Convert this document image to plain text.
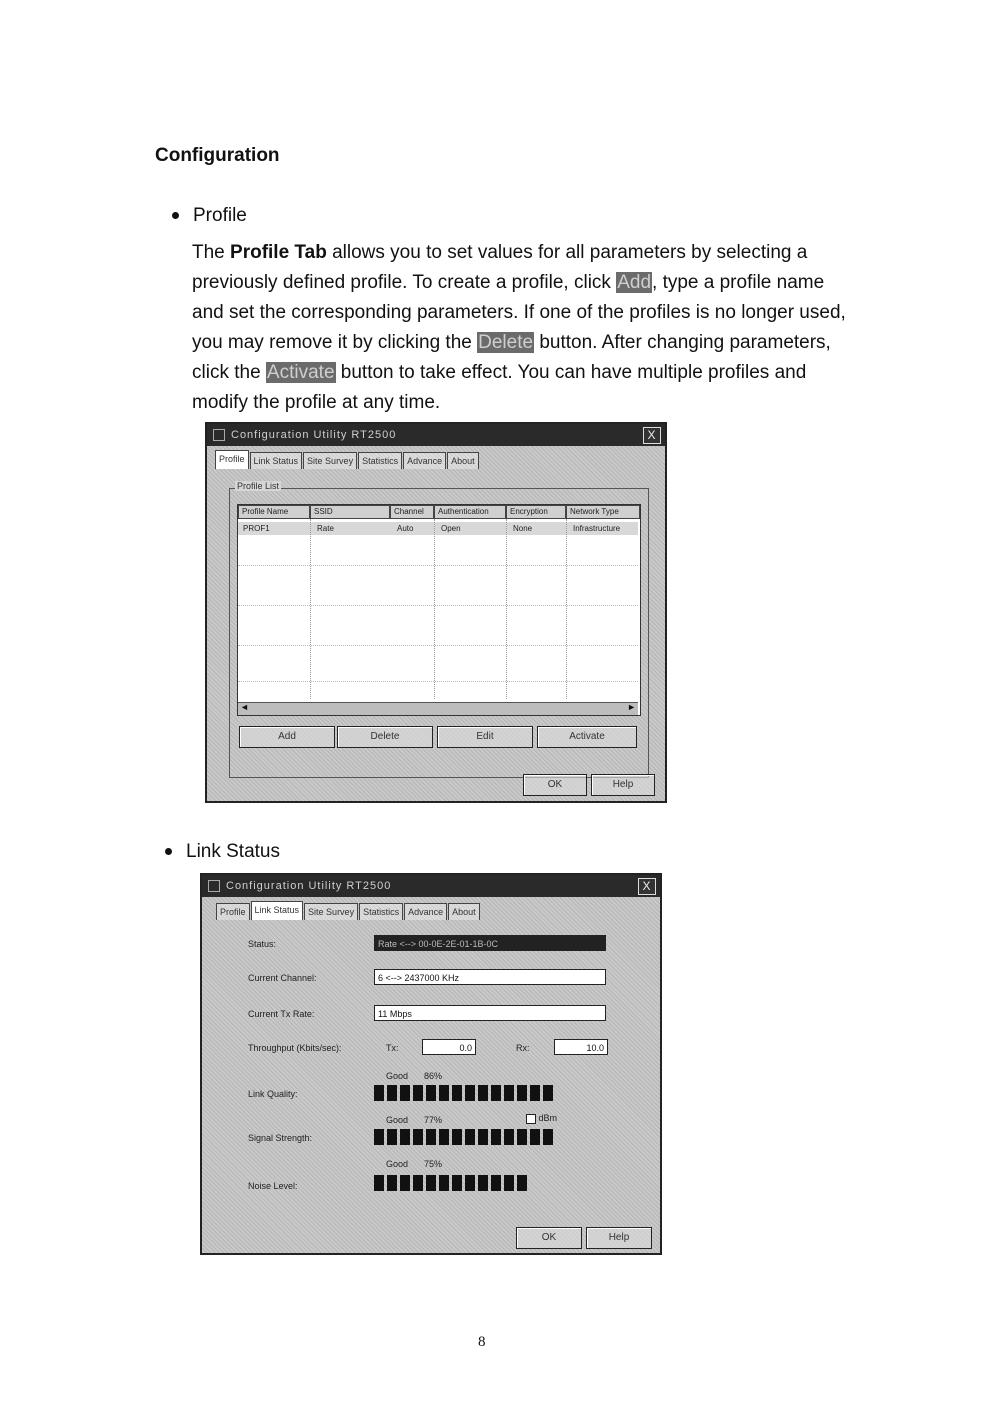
Configuration
Profile
The Profile Tab allows you to set values for all parameters by selecting a previously defined profile. To create a profile, click Add, type a profile name and set the corresponding parameters. If one of the profiles is no longer used, you may remove it by clicking the Delete button. After changing parameters, click the Activate button to take effect. You can have multiple profiles and modify the profile at any time.
Configuration Utility RT2500	X
Profile	Link Status	Site Survey	Statistics	Advance	About
Profile List
Profile Name	SSID	Channel	Authentication	Encryption	Network Type
PROF1	Rate	Auto	Open	None	Infrastructure
◄	►
Add	Delete	Edit	Activate
OK	Help
Link Status
Configuration Utility RT2500	X
Profile	Link Status	Site Survey	Statistics	Advance	About
Status:	Rate <--> 00-0E-2E-01-1B-0C
Current Channel:	6 <--> 2437000 KHz
Current Tx Rate:	11 Mbps
Throughput (Kbits/sec):	Tx:	0.0	Rx:	10.0
Good 86%
Link Quality:
Good 77%	dBm
Signal Strength:
Good 75%
Noise Level:
OK	Help
8
